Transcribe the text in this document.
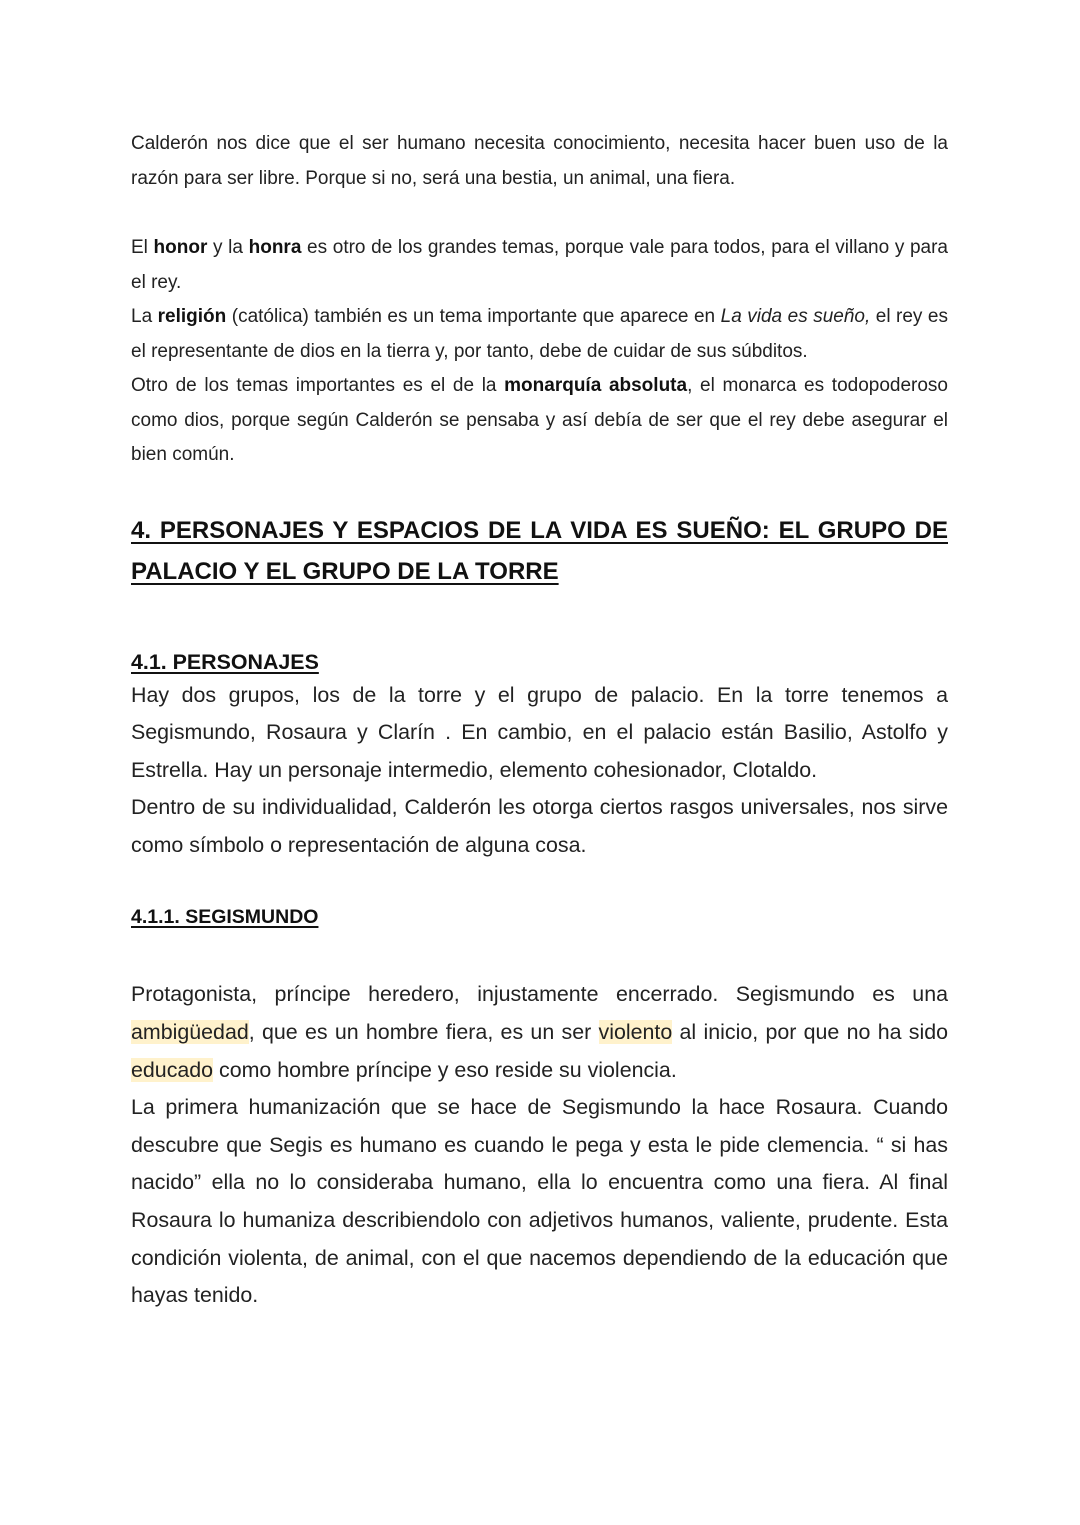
Calderón nos dice que el ser humano necesita conocimiento, necesita hacer buen uso de la razón para ser libre. Porque si no, será una bestia, un animal, una fiera.

El honor y la honra es otro de los grandes temas, porque vale para todos, para el villano y para el rey.

La religión (católica) también es un tema importante que aparece en La vida es sueño, el rey es el representante de dios en la tierra y, por tanto, debe de cuidar de sus súbditos.

Otro de los temas importantes es el de la monarquía absoluta, el monarca es todopoderoso como dios, porque según Calderón se pensaba y así debía de ser que el rey debe asegurar el bien común.

4. PERSONAJES Y ESPACIOS DE LA VIDA ES SUEÑO: EL GRUPO DE PALACIO Y EL GRUPO DE LA TORRE
4.1. PERSONAJES

Hay dos grupos, los de la torre y el grupo de palacio. En la torre tenemos a Segismundo, Rosaura y Clarín . En cambio, en el palacio están Basilio, Astolfo y Estrella. Hay un personaje intermedio, elemento cohesionador, Clotaldo.

Dentro de su individualidad, Calderón les otorga ciertos rasgos universales, nos sirve como símbolo o representación de alguna cosa.

4.1.1. SEGISMUNDO

Protagonista, príncipe heredero, injustamente encerrado. Segismundo es una ambigüedad, que es un hombre fiera, es un ser violento al inicio, por que no ha sido educado como hombre príncipe y eso reside su violencia.

La primera humanización que se hace de Segismundo la hace Rosaura. Cuando descubre que Segis es humano es cuando le pega y esta le pide clemencia. “ si has nacido” ella no lo consideraba humano, ella lo encuentra como una fiera. Al final Rosaura lo humaniza describiendolo con adjetivos humanos, valiente, prudente. Esta condición violenta, de animal, con el que nacemos dependiendo de la educación que hayas tenido.
